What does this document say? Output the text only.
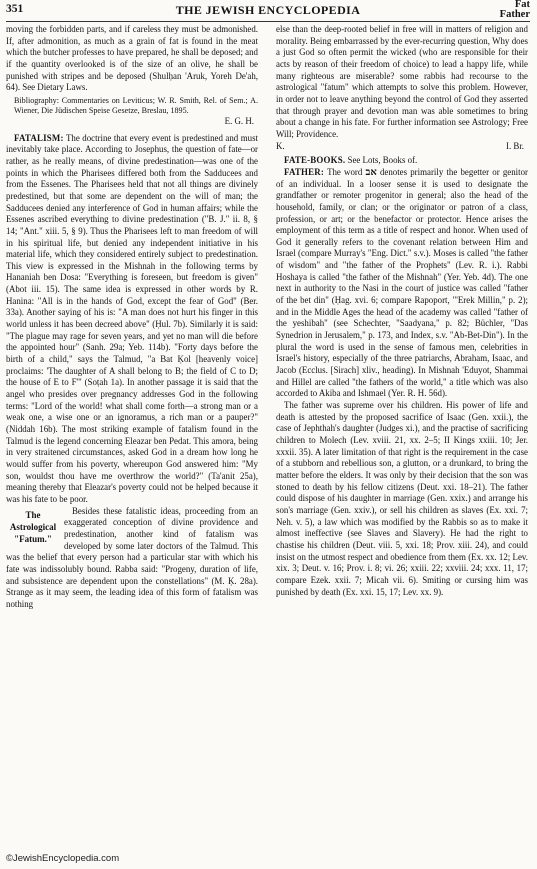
351	THE JEWISH ENCYCLOPEDIA	Fat
Father

moving the forbidden parts, and if careless they must be admonished. If, after admonition, as much as a grain of fat is found in the meat which the butcher professes to have prepared, he shall be deposed; and if the quantity overlooked is of the size of an olive, he shall be punished with stripes and be deposed (Shulḥan 'Aruk, Yoreh De'ah, 64). See Dietary Laws.

Bibliography: Commentaries on Leviticus; W. R. Smith, Rel. of Sem.; A. Wiener, Die Jüdischen Speise Gesetze, Breslau, 1895.

E. G. H.

FATALISM: The doctrine that every event is predestined and must inevitably take place. According to Josephus, the question of fate—or rather, as he really means, of divine predestination—was one of the points in which the Pharisees differed both from the Sadducees and from the Essenes. The Pharisees held that not all things are divinely predestined, but that some are dependent on the will of man; the Sadducees denied any interference of God in human affairs; while the Essenes ascribed everything to divine predestination ("B. J." ii. 8, § 14; "Ant." xiii. 5, § 9). Thus the Pharisees left to man freedom of will in his spiritual life, but denied any independent initiative in his material life, which they considered entirely subject to predestination. This view is expressed in the Mishnah in the following terms by Hananiah ben Dosa: "Everything is foreseen, but freedom is given" (Abot iii. 15). The same idea is expressed in other words by R. Hanina: "All is in the hands of God, except the fear of God" (Ber. 33a). Another saying of his is: "A man does not hurt his finger in this world unless it has been decreed above" (Ḥul. 7b). Similarly it is said: "The plague may rage for seven years, and yet no man will die before the appointed hour" (Sanh. 29a; Yeb. 114b). "Forty days before the birth of a child," says the Talmud, "a Bat Ḳol [heavenly voice] proclaims: 'The daughter of A shall belong to B; the field of C to D; the house of E to F'" (Soṭah 1a). In another passage it is said that the angel who presides over pregnancy addresses God in the following terms: "Lord of the world! what shall come forth—a strong man or a weak one, a wise one or an ignoramus, a rich man or a pauper?" (Niddah 16b). The most striking example of fatalism found in the Talmud is the legend concerning Eleazar ben Pedat. This amora, being in very straitened circumstances, asked God in a dream how long he would suffer from his poverty, whereupon God answered him: "My son, wouldst thou have me overthrow the world?" (Ta'anit 25a), meaning thereby that Eleazar's poverty could not be helped because it was his fate to be poor.

The Astrological "Fatum."
Besides these fatalistic ideas, proceeding from an exaggerated conception of divine providence and predestination, another kind of fatalism was developed by some later doctors of the Talmud. This was the belief that every person had a particular star with which his fate was indissolubly bound. Rabba said: "Progeny, duration of life, and subsistence are dependent upon the constellations" (M. Ḳ. 28a). Strange as it may seem, the leading idea of this form of fatalism was nothing

else than the deep-rooted belief in free will in matters of religion and morality. Being embarrassed by the ever-recurring question, Why does a just God so often permit the wicked (who are responsible for their acts by reason of their freedom of choice) to lead a happy life, while many righteous are miserable? some rabbis had recourse to the astrological "fatum" which attempts to solve this problem. However, in order not to leave anything beyond the control of God they asserted that through prayer and devotion man was able sometimes to bring about a change in his fate. For further information see Astrology; Free Will; Providence.

K.	I. Br.

FATE-BOOKS. See Lots, Books of.

FATHER: The word אב denotes primarily the begetter or genitor of an individual. In a looser sense it is used to designate the grandfather or remoter progenitor in general; also the head of the household, family, or clan; or the originator or patron of a class, profession, or art; or the benefactor or protector. Hence arises the employment of this term as a title of respect and honor. When used of God it generally refers to the covenant relation between Him and Israel (compare Murray's "Eng. Dict." s.v.). Moses is called "the father of wisdom" and "the father of the Prophets" (Lev. R. i.). Rabbi Hoshaya is called "the father of the Mishnah" (Yer. Yeb. 4d). The one next in authority to the Nasi in the court of justice was called "father of the bet din" (Ḥag. xvi. 6; compare Rapoport, "'Erek Millin," p. 2); and in the Middle Ages the head of the academy was called "father of the yeshibah" (see Schechter, "Saadyana," p. 82; Büchler, "Das Synedrion in Jerusalem," p. 173, and Index, s.v. "Ab-Bet-Din"). In the plural the word is used in the sense of famous men, celebrities in Israel's history, especially of the three patriarchs, Abraham, Isaac, and Jacob (Ecclus. [Sirach] xliv., heading). In Mishnah 'Eduyot, Shammai and Hillel are called "the fathers of the world," a title which was also accorded to Akiba and Ishmael (Yer. R. H. 56d).

The father was supreme over his children. His power of life and death is attested by the proposed sacrifice of Isaac (Gen. xxii.), the case of Jephthah's daughter (Judges xi.), and the practise of sacrificing children to Molech (Lev. xviii. 21, xx. 2–5; II Kings xxiii. 10; Jer. xxxii. 35). A later limitation of that right is the requirement in the case of a stubborn and rebellious son, a glutton, or a drunkard, to bring the matter before the elders. It was only by their decision that the son was stoned to death by his fellow citizens (Deut. xxi. 18–21). The father could dispose of his daughter in marriage (Gen. xxix.) and arrange his son's marriage (Gen. xxiv.), or sell his children as slaves (Ex. xxi. 7; Neh. v. 5), a law which was modified by the Rabbis so as to make it almost ineffective (see Slaves and Slavery). He had the right to chastise his children (Deut. viii. 5, xxi. 18; Prov. xiii. 24), and could insist on the utmost respect and obedience from them (Ex. xx. 12; Lev. xix. 3; Deut. v. 16; Prov. i. 8; vi. 26; xxiii. 22; xxviii. 24; xxx. 11, 17; compare Ezek. xxii. 7; Micah vii. 6). Smiting or cursing him was punished by death (Ex. xxi. 15, 17; Lev. xx. 9).

©JewishEncyclopedia.com
